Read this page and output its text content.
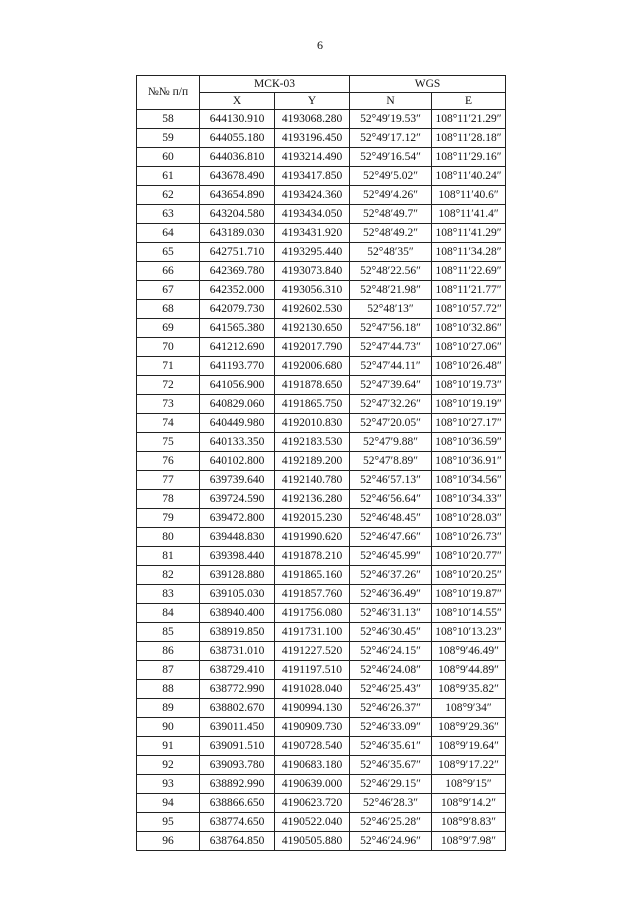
6
№№ п/п	МСК-03		WGS	
	X	Y	N	E
58	644130.910	4193068.280	52°49′19.53″	108°11′21.29″
59	644055.180	4193196.450	52°49′17.12″	108°11′28.18″
60	644036.810	4193214.490	52°49′16.54″	108°11′29.16″
61	643678.490	4193417.850	52°49′5.02″	108°11′40.24″
62	643654.890	4193424.360	52°49′4.26″	108°11′40.6″
63	643204.580	4193434.050	52°48′49.7″	108°11′41.4″
64	643189.030	4193431.920	52°48′49.2″	108°11′41.29″
65	642751.710	4193295.440	52°48′35″	108°11′34.28″
66	642369.780	4193073.840	52°48′22.56″	108°11′22.69″
67	642352.000	4193056.310	52°48′21.98″	108°11′21.77″
68	642079.730	4192602.530	52°48′13″	108°10′57.72″
69	641565.380	4192130.650	52°47′56.18″	108°10′32.86″
70	641212.690	4192017.790	52°47′44.73″	108°10′27.06″
71	641193.770	4192006.680	52°47′44.11″	108°10′26.48″
72	641056.900	4191878.650	52°47′39.64″	108°10′19.73″
73	640829.060	4191865.750	52°47′32.26″	108°10′19.19″
74	640449.980	4192010.830	52°47′20.05″	108°10′27.17″
75	640133.350	4192183.530	52°47′9.88″	108°10′36.59″
76	640102.800	4192189.200	52°47′8.89″	108°10′36.91″
77	639739.640	4192140.780	52°46′57.13″	108°10′34.56″
78	639724.590	4192136.280	52°46′56.64″	108°10′34.33″
79	639472.800	4192015.230	52°46′48.45″	108°10′28.03″
80	639448.830	4191990.620	52°46′47.66″	108°10′26.73″
81	639398.440	4191878.210	52°46′45.99″	108°10′20.77″
82	639128.880	4191865.160	52°46′37.26″	108°10′20.25″
83	639105.030	4191857.760	52°46′36.49″	108°10′19.87″
84	638940.400	4191756.080	52°46′31.13″	108°10′14.55″
85	638919.850	4191731.100	52°46′30.45″	108°10′13.23″
86	638731.010	4191227.520	52°46′24.15″	108°9′46.49″
87	638729.410	4191197.510	52°46′24.08″	108°9′44.89″
88	638772.990	4191028.040	52°46′25.43″	108°9′35.82″
89	638802.670	4190994.130	52°46′26.37″	108°9′34″
90	639011.450	4190909.730	52°46′33.09″	108°9′29.36″
91	639091.510	4190728.540	52°46′35.61″	108°9′19.64″
92	639093.780	4190683.180	52°46′35.67″	108°9′17.22″
93	638892.990	4190639.000	52°46′29.15″	108°9′15″
94	638866.650	4190623.720	52°46′28.3″	108°9′14.2″
95	638774.650	4190522.040	52°46′25.28″	108°9′8.83″
96	638764.850	4190505.880	52°46′24.96″	108°9′7.98″
